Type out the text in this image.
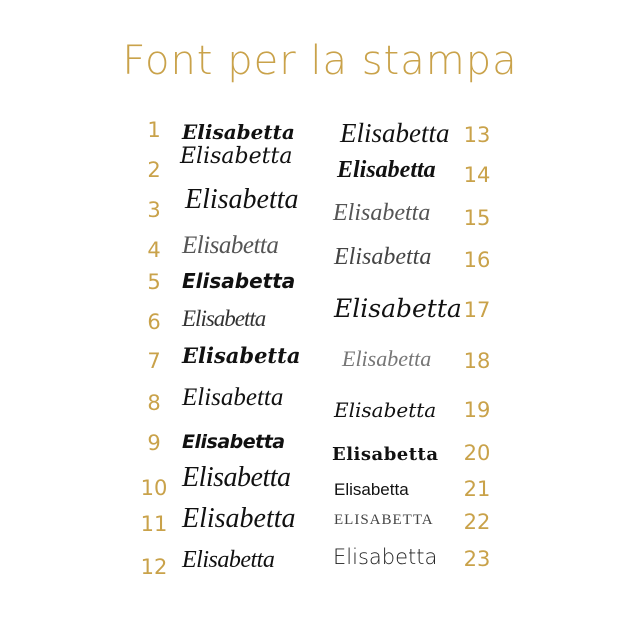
Font per la stampa
1
2
3
4
5
6
7
8
9
10
11
12
Elisabetta
Elisabetta
Elisabetta
Elisabetta
Elisabetta
Elisabetta
Elisabetta
Elisabetta
Elisabetta
Elisabetta
Elisabetta
Elisabetta
Elisabetta
Elisabetta
Elisabetta
Elisabetta
Elisabetta
Elisabetta
Elisabetta
Elisabetta
Elisabetta
ELISABETTA
Elisabetta
13
14
15
16
17
18
19
20
21
22
23
